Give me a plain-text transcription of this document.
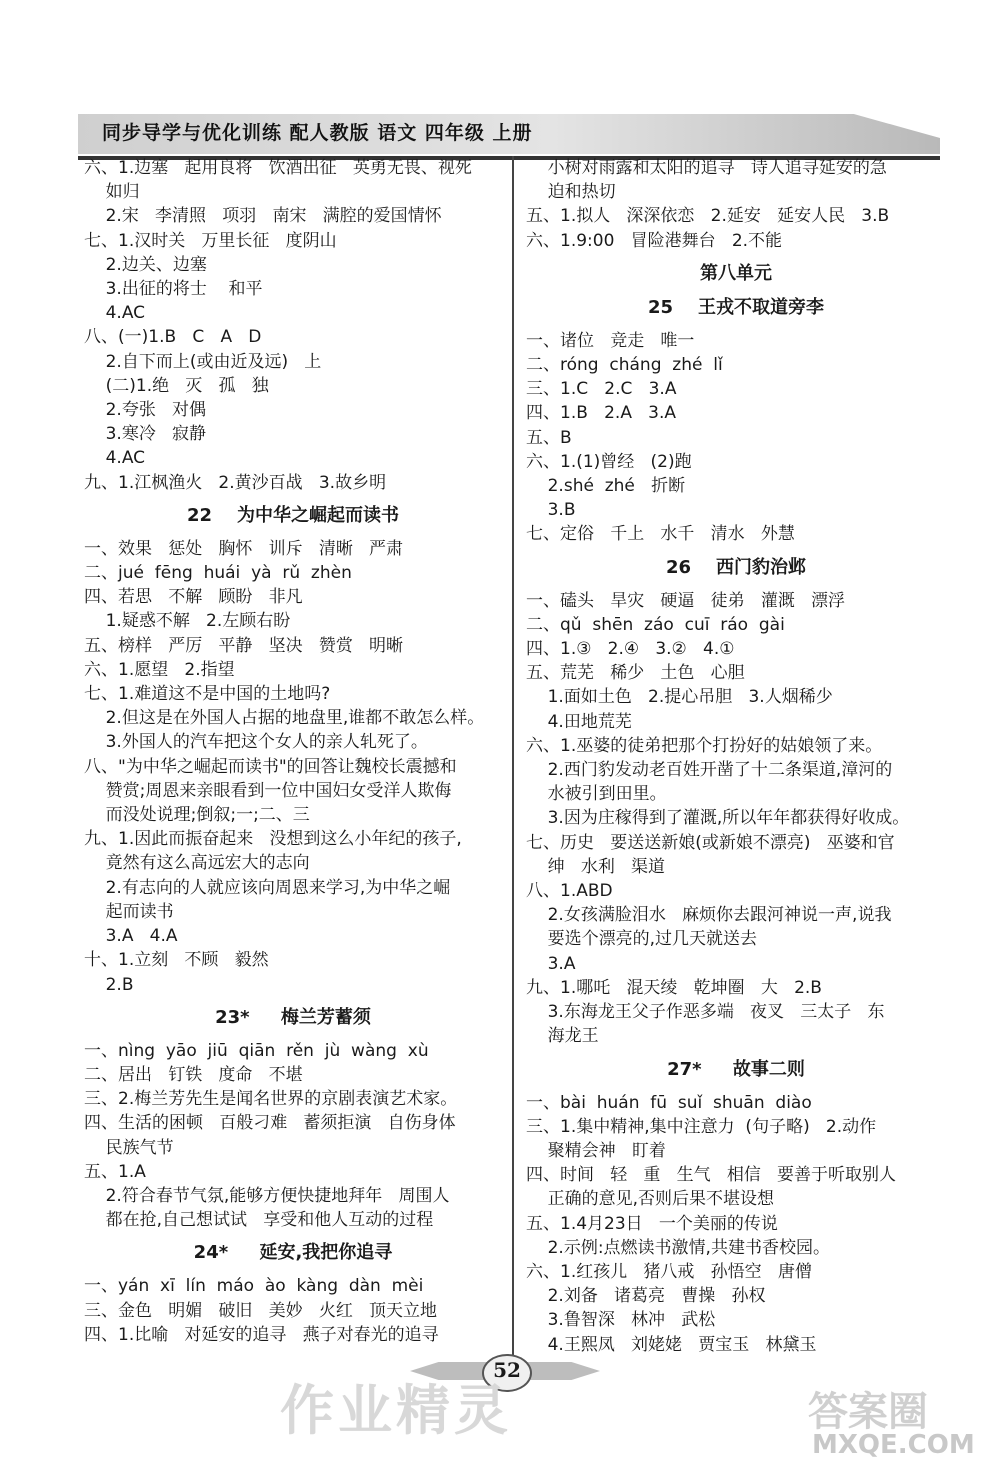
同步导学与优化训练 配人教版 语文 四年级 上册
六、1.边塞   起用良将   饮酒出征   英勇无畏、视死
如归
2.宋   李清照   项羽   南宋   满腔的爱国情怀
七、1.汉时关   万里长征   度阴山
2.边关、边塞
3.出征的将士    和平
4.AC
八、(一)1.B   C   A   D
2.自下而上(或由近及远)   上
(二)1.绝   灭   孤   独
2.夸张   对偶
3.寒冷   寂静
4.AC
九、1.江枫渔火   2.黄沙百战   3.故乡明
22    为中华之崛起而读书
一、效果   惩处   胸怀   训斥   清晰   严肃
二、jué  fēng  huái  yà  rǔ  zhèn
四、若思   不解   顾盼   非凡
1.疑惑不解   2.左顾右盼
五、榜样   严厉   平静   坚决   赞赏   明晰
六、1.愿望   2.指望
七、1.难道这不是中国的土地吗?
2.但这是在外国人占据的地盘里,谁都不敢怎么样。
3.外国人的汽车把这个女人的亲人轧死了。
八、"为中华之崛起而读书"的回答让魏校长震撼和
赞赏;周恩来亲眼看到一位中国妇女受洋人欺侮
而没处说理;倒叙;一;二、三
九、1.因此而振奋起来   没想到这么小年纪的孩子,
竟然有这么高远宏大的志向
2.有志向的人就应该向周恩来学习,为中华之崛
起而读书
3.A   4.A
十、1.立刻   不顾   毅然
2.B
23*     梅兰芳蓄须
一、nìng  yāo  jiū  qiān  rěn  jù  wàng  xù
二、居出   钉铁   度命   不堪
三、2.梅兰芳先生是闻名世界的京剧表演艺术家。
四、生活的困顿   百般刁难   蓄须拒演   自伤身体
民族气节
五、1.A
2.符合春节气氛,能够方便快捷地拜年   周围人
都在抢,自己想试试   享受和他人互动的过程
24*     延安,我把你追寻
一、yán  xī  lín  máo  ào  kàng  dàn  mèi
三、金色   明媚   破旧   美妙   火红   顶天立地
四、1.比喻   对延安的追寻   燕子对春光的追寻
小树对雨露和太阳的追寻   诗人追寻延安的急
迫和热切
五、1.拟人   深深依恋   2.延安   延安人民   3.B
六、1.9:00   冒险港舞台   2.不能
第八单元
25    王戎不取道旁李
一、诸位   竞走   唯一
二、róng  cháng  zhé  lǐ
三、1.C   2.C   3.A
四、1.B   2.A   3.A
五、B
六、1.(1)曾经   (2)跑
2.shé  zhé   折断
3.B
七、定俗   千上   水千   清水   外慧
26    西门豹治邺
一、磕头   旱灾   硬逼   徒弟   灌溉   漂浮
二、qǔ  shēn  záo  cuī  ráo  gài
四、1.③   2.④   3.②   4.①
五、荒芜   稀少   土色   心胆
1.面如土色   2.提心吊胆   3.人烟稀少
4.田地荒芜
六、1.巫婆的徒弟把那个打扮好的姑娘领了来。
2.西门豹发动老百姓开凿了十二条渠道,漳河的
水被引到田里。
3.因为庄稼得到了灌溉,所以年年都获得好收成。
七、历史   要送送新娘(或新娘不漂亮)   巫婆和官
绅   水利   渠道
八、1.ABD
2.女孩满脸泪水   麻烦你去跟河神说一声,说我
要选个漂亮的,过几天就送去
3.A
九、1.哪吒   混天绫   乾坤圈   大   2.B
3.东海龙王父子作恶多端   夜叉   三太子   东
海龙王
27*     故事二则
一、bài  huán  fū  suǐ  shuān  diào
三、1.集中精神,集中注意力  (句子略)   2.动作
聚精会神   盯着
四、时间   轻   重   生气   相信   要善于听取别人
正确的意见,否则后果不堪设想
五、1.4月23日   一个美丽的传说
2.示例:点燃读书激情,共建书香校园。
六、1.红孩儿   猪八戒   孙悟空   唐僧
2.刘备   诸葛亮   曹操   孙权
3.鲁智深   林冲   武松
4.王熙凤   刘姥姥   贾宝玉   林黛玉
52
作业精灵	答案圈
MXQE.COM
